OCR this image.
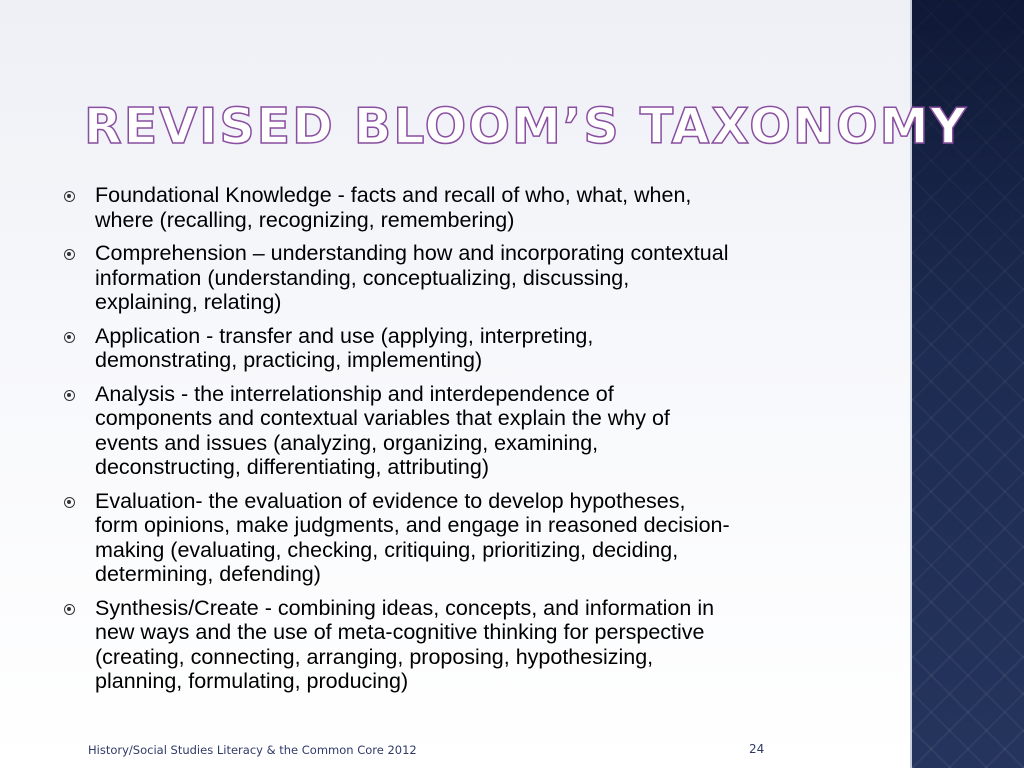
REVISED BLOOM’S TAXONOMY
Foundational Knowledge - facts and recall of who, what, when,
where (recalling, recognizing, remembering)
Comprehension – understanding how and incorporating contextual
information (understanding, conceptualizing, discussing,
explaining, relating)
Application - transfer and use (applying, interpreting,
demonstrating, practicing, implementing)
Analysis - the interrelationship and interdependence of
components and contextual variables that explain the why of
events and issues (analyzing, organizing, examining,
deconstructing, differentiating, attributing)
Evaluation- the evaluation of evidence to develop hypotheses,
form opinions, make judgments, and engage in reasoned decision-
making (evaluating, checking, critiquing, prioritizing, deciding,
determining, defending)
Synthesis/Create - combining ideas, concepts, and information in
new ways and the use of meta-cognitive thinking for perspective
(creating, connecting, arranging, proposing, hypothesizing,
planning, formulating, producing)
History/Social Studies Literacy & the Common Core 2012	24
